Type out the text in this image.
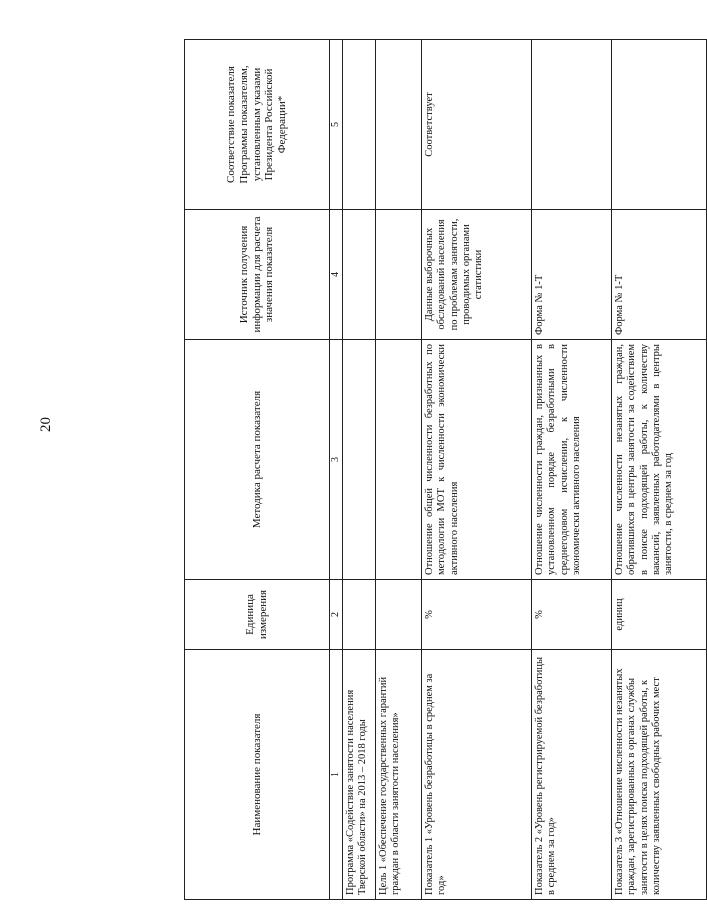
20
Наименование показателя	Единица измерения	Методика расчета показателя	Источник получения информации для расчета значения показателя	Соответствие показателя Программы показателям, установленным указами Президента Российской Федерации*
1	2	3	4	5
Программа «Содействие занятости населения Тверской области» на 2013 – 2018 годы				
Цель 1 «Обеспечение государственных гарантий граждан в области занятости населения»				
Показатель 1 «Уровень безработицы в среднем за год»	%	Отношение общей численности безработных по методологии МОТ к численности экономически активного населения	Данные выборочных обследований населения по проблемам занятости, проводимых органами статистики	Соответствует
Показатель 2 «Уровень регистрируемой безработицы в среднем за год»	%	Отношение численности граждан, признанных в установленном порядке безработными в среднегодовом исчислении, к численности экономически активного населения	Форма № 1-Т	
Показатель 3 «Отношение численности незанятых граждан, зарегистрированных в органах службы занятости в целях поиска подходящей работы, к количеству заявленных свободных рабочих мест	единиц	Отношение численности незанятых граждан, обратившихся в центры занятости за содействием в поиске подходящей работы, к количеству вакансий, заявленных работодателями в центры занятости, в среднем за год	Форма № 1-Т	
